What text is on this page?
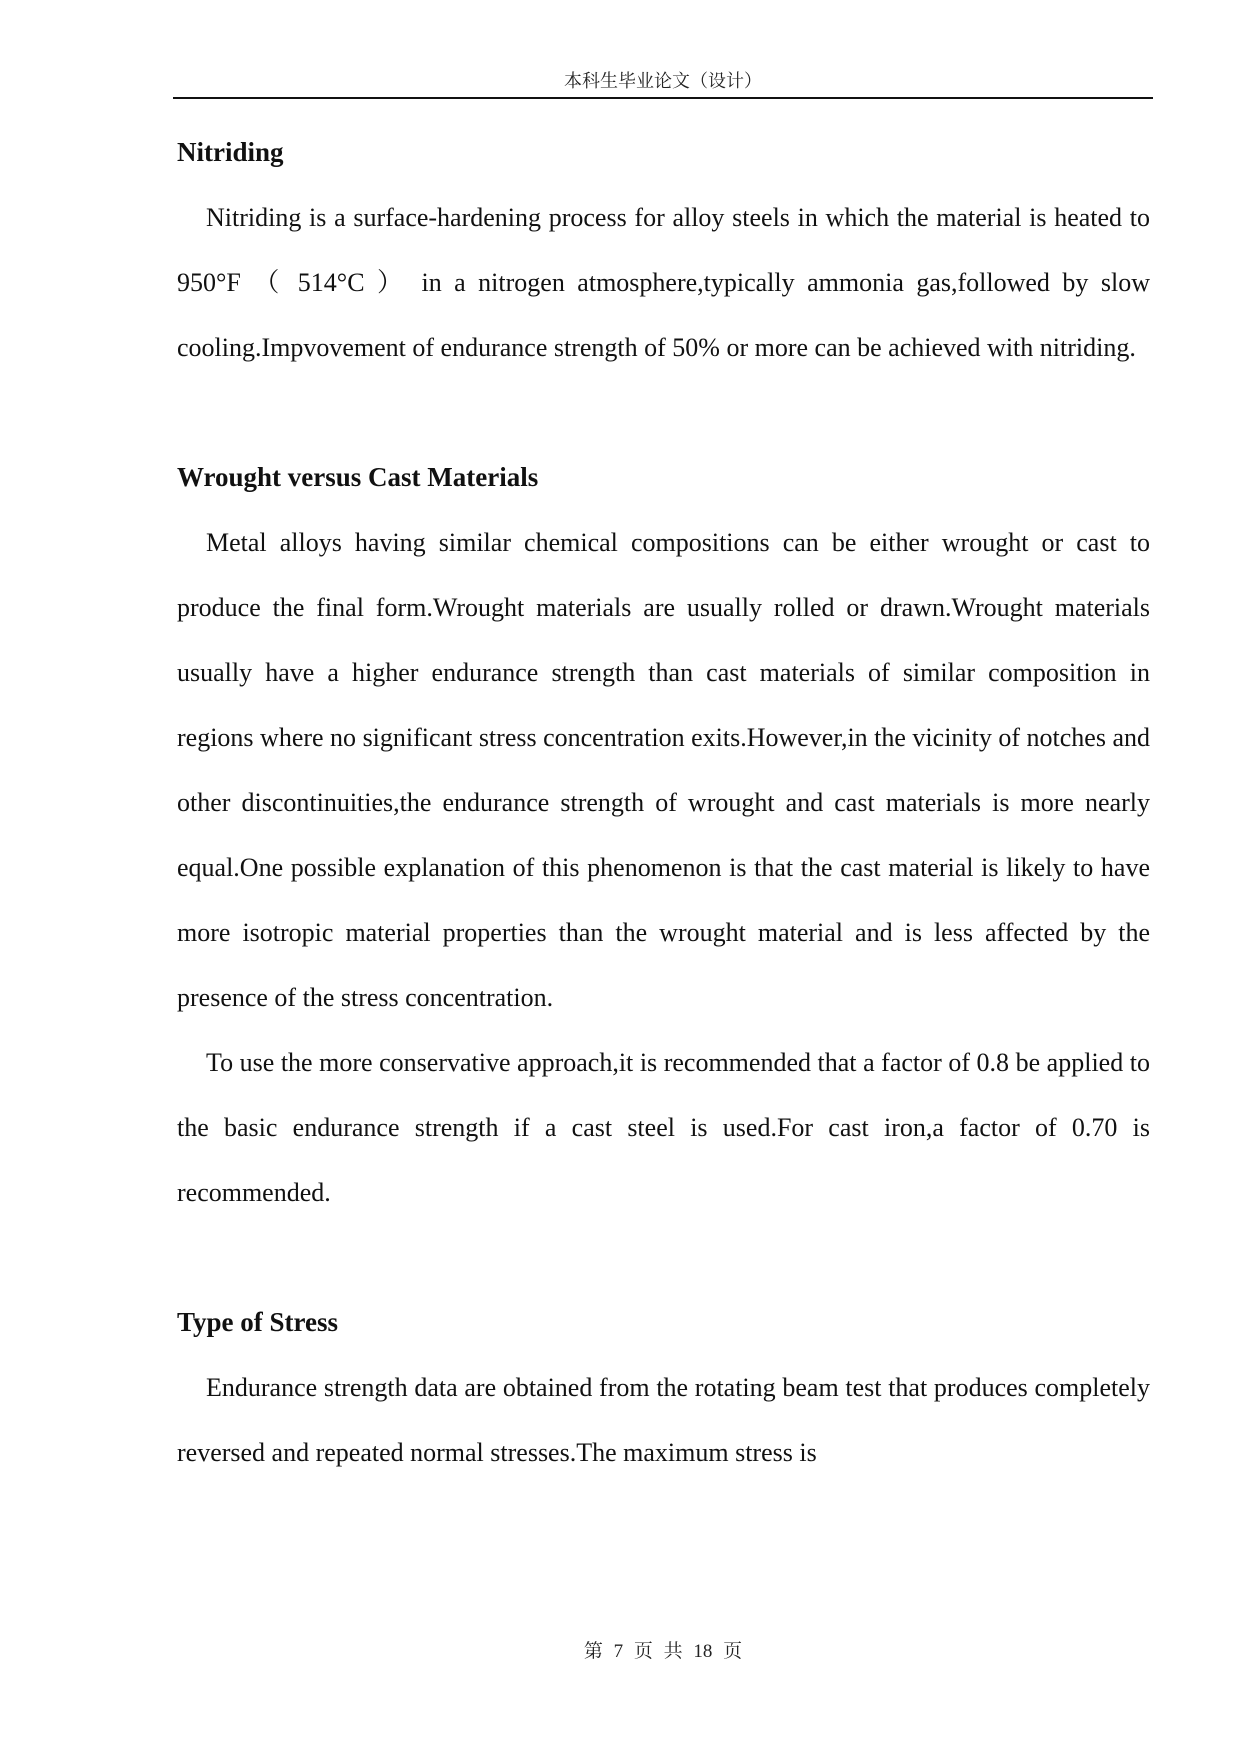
本科生毕业论文（设计）
Nitriding

Nitriding is a surface-hardening process for alloy steels in which the material is heated to 950°F （ 514°C ） in a nitrogen atmosphere,typically ammonia gas,followed by slow cooling.Impvovement of endurance strength of 50% or more can be achieved with nitriding.

Wrought versus Cast Materials

Metal alloys having similar chemical compositions can be either wrought or cast to produce the final form.Wrought materials are usually rolled or drawn.Wrought materials usually have a higher endurance strength than cast materials of similar composition in regions where no significant stress concentration exits.However,in the vicinity of notches and other discontinuities,the endurance strength of wrought and cast materials is more nearly equal.One possible explanation of this phenomenon is that the cast material is likely to have more isotropic material properties than the wrought material and is less affected by the presence of the stress concentration.

To use the more conservative approach,it is recommended that a factor of 0.8 be applied to the basic endurance strength if a cast steel is used.For cast iron,a factor of 0.70 is recommended.

Type of Stress

Endurance strength data are obtained from the rotating beam test that produces completely reversed and repeated normal stresses.The maximum stress is

第 7 页 共 18 页
